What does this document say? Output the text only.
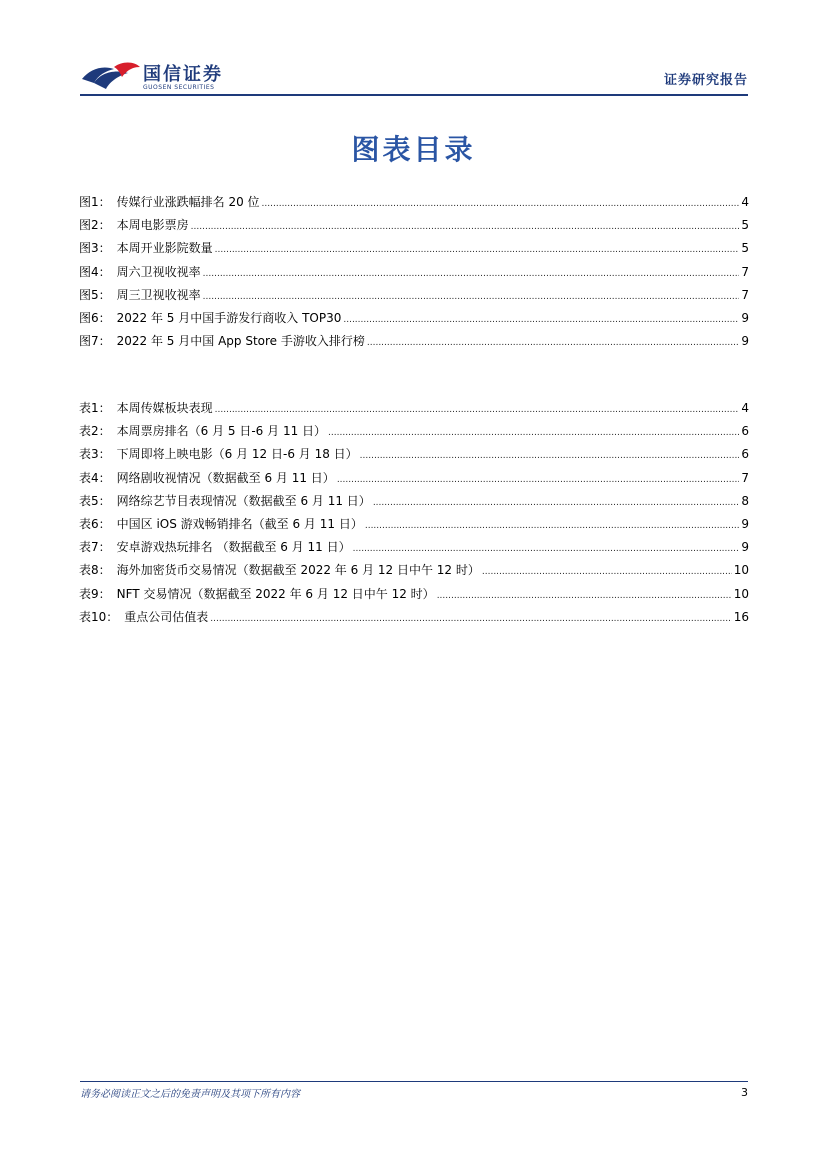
国信证券
GUOSEN SECURITIES	证券研究报告
图表目录
图1： 传媒行业涨跌幅排名 20 位 .....	4
图2： 本周电影票房 .....	5
图3： 本周开业影院数量 .....	5
图4： 周六卫视收视率 .....	7
图5： 周三卫视收视率 .....	7
图6： 2022 年 5 月中国手游发行商收入 TOP30 .....	9
图7： 2022 年 5 月中国 App Store 手游收入排行榜 .....	9
表1： 本周传媒板块表现 .....	4
表2： 本周票房排名（6 月 5 日-6 月 11 日） .....	6
表3： 下周即将上映电影（6 月 12 日-6 月 18 日） .....	6
表4： 网络剧收视情况（数据截至 6 月 11 日） .....	7
表5： 网络综艺节目表现情况（数据截至 6 月 11 日） .....	8
表6： 中国区 iOS 游戏畅销排名（截至 6 月 11 日） .....	9
表7： 安卓游戏热玩排名 （数据截至 6 月 11 日） .....	9
表8： 海外加密货币交易情况（数据截至 2022 年 6 月 12 日中午 12 时） .....	10
表9： NFT 交易情况（数据截至 2022 年 6 月 12 日中午 12 时） .....	10
表10： 重点公司估值表 .....	16
请务必阅读正文之后的免责声明及其项下所有内容	3
